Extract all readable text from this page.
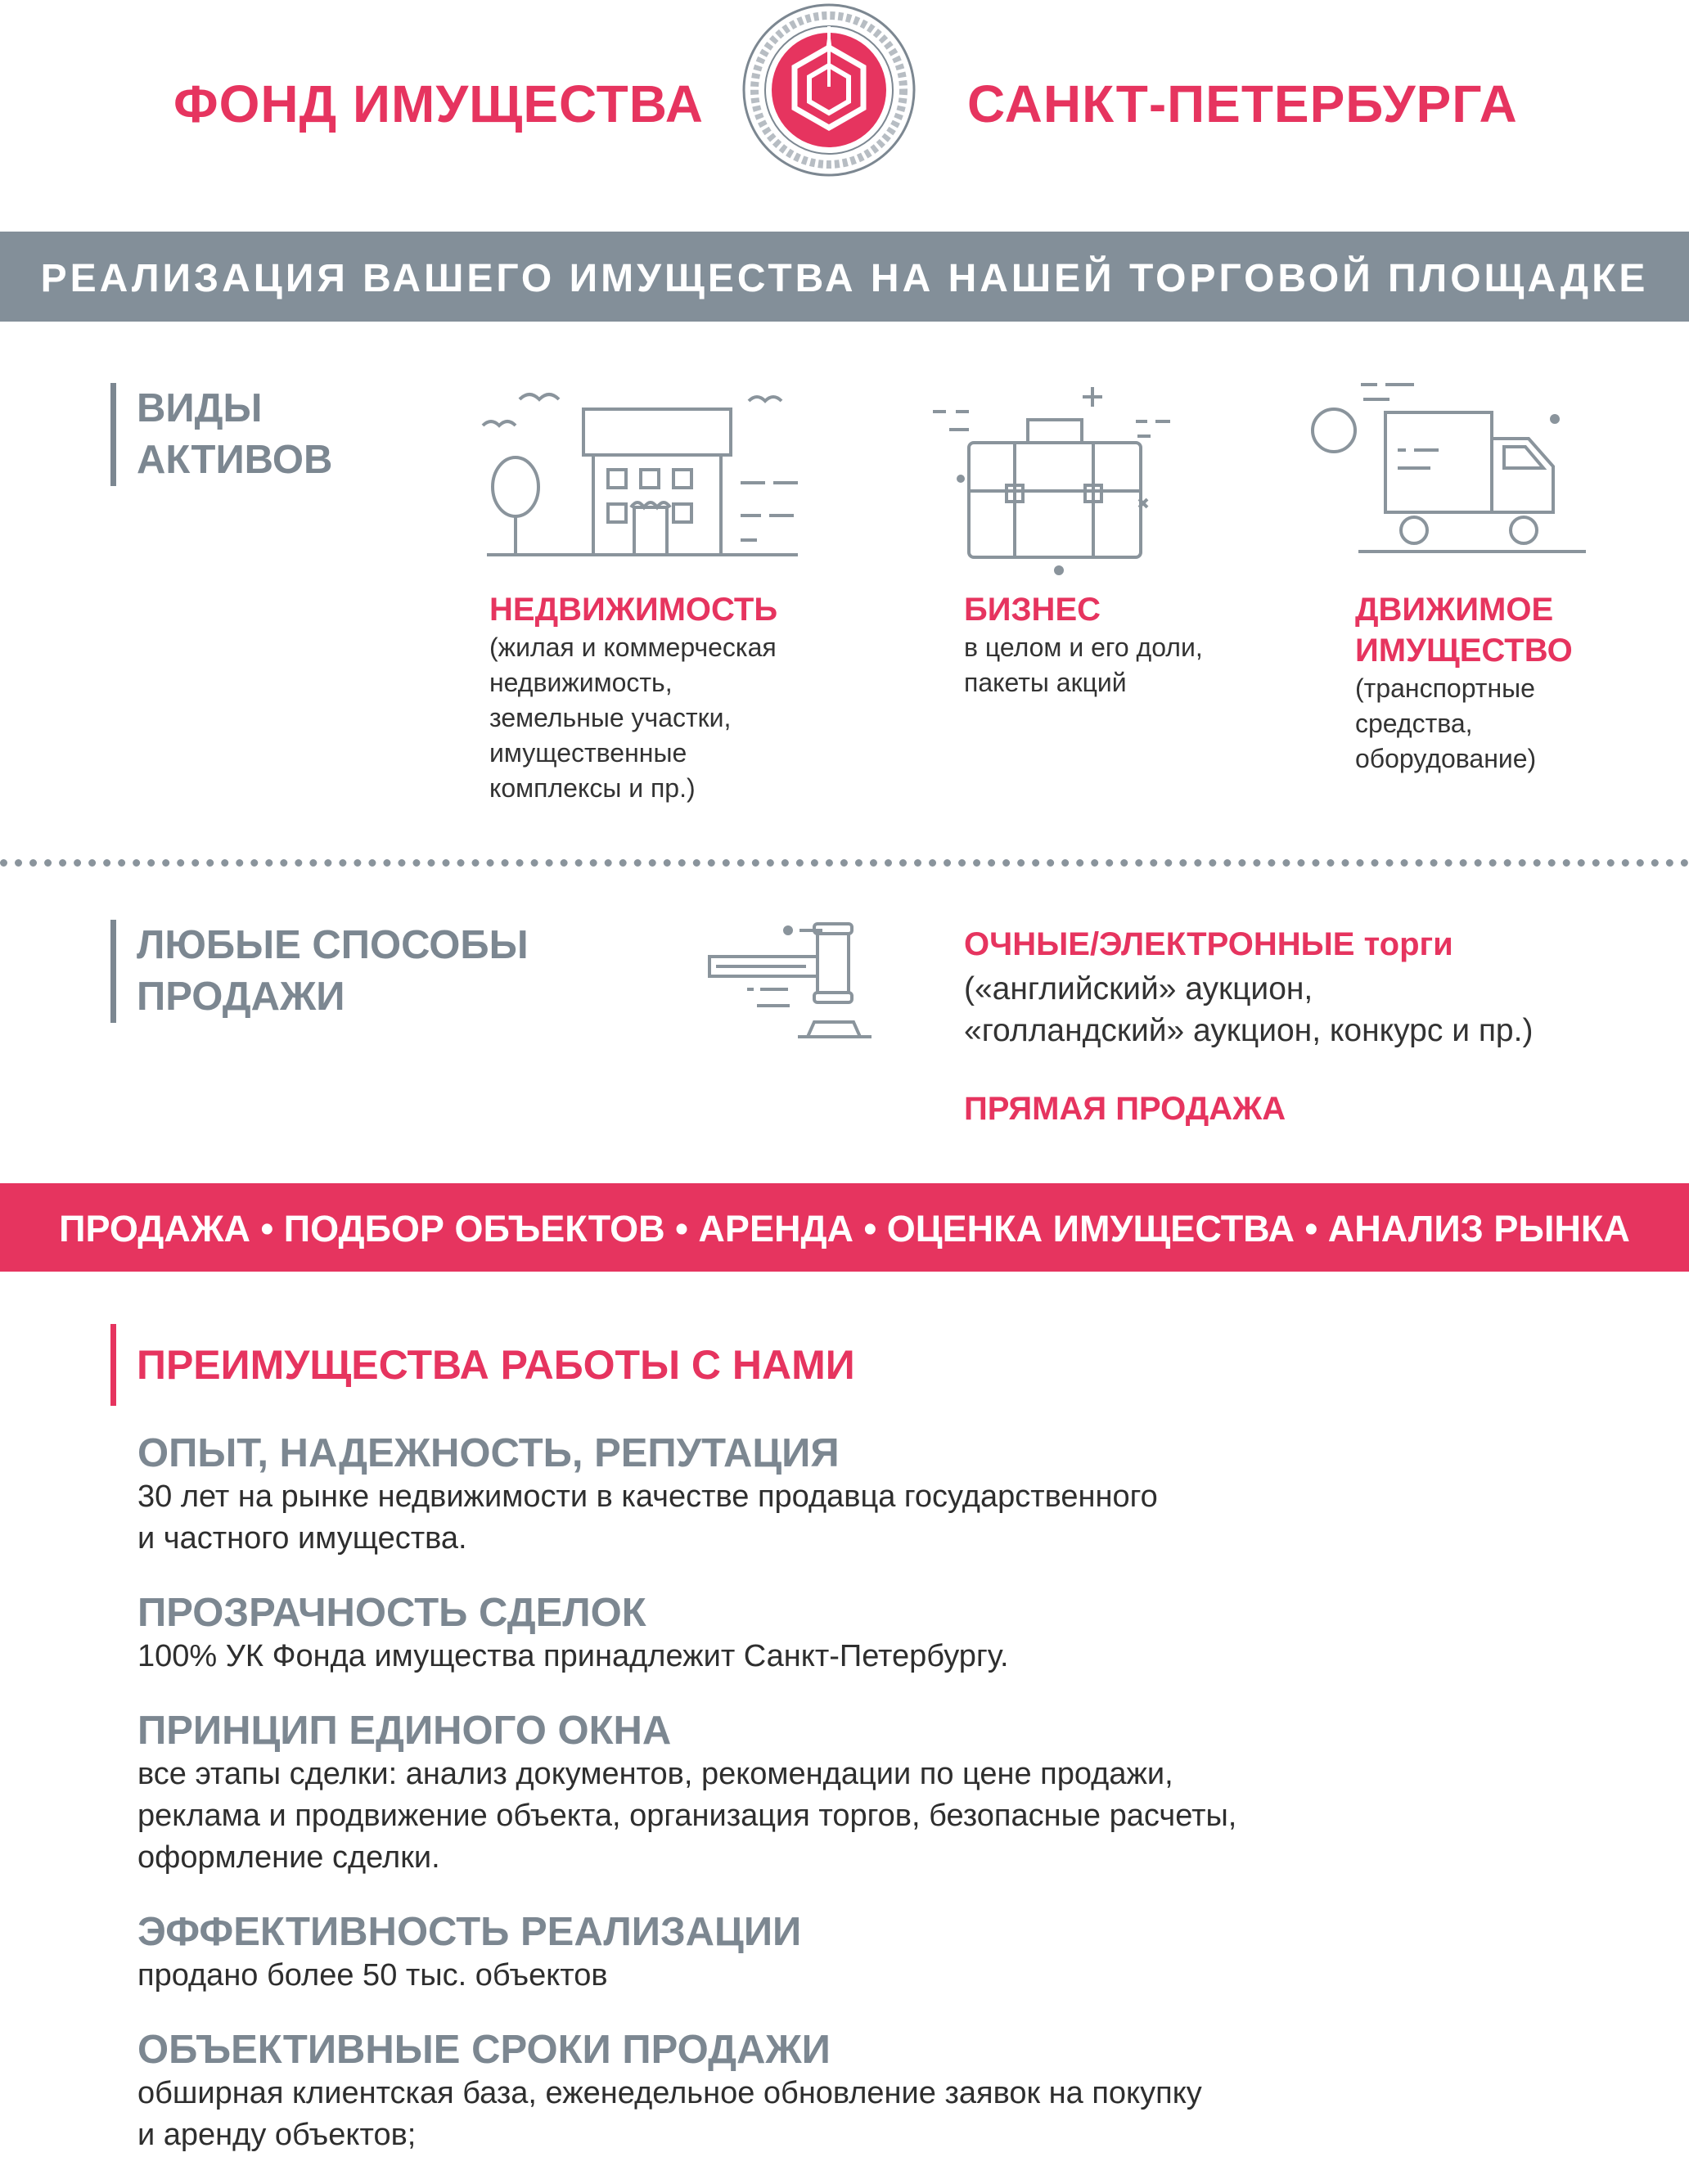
ФОНД ИМУЩЕСТВА	САНКТ-ПЕТЕРБУРГА
РЕАЛИЗАЦИЯ ВАШЕГО ИМУЩЕСТВА НА НАШЕЙ ТОРГОВОЙ ПЛОЩАДКЕ
ВИДЫ
АКТИВОВ
НЕДВИЖИМОСТЬ
(жилая и коммерческая
недвижимость,
земельные участки,
имущественные
комплексы и пр.)
БИЗНЕС
в целом и его доли,
пакеты акций
ДВИЖИМОЕ
ИМУЩЕСТВО
(транспортные
средства,
оборудование)
ЛЮБЫЕ СПОСОБЫ
ПРОДАЖИ
ОЧНЫЕ/ЭЛЕКТРОННЫЕ торги
(«английский» аукцион,
«голландский» аукцион, конкурс и пр.)
ПРЯМАЯ ПРОДАЖА
ПРОДАЖА • ПОДБОР ОБЪЕКТОВ • АРЕНДА • ОЦЕНКА ИМУЩЕСТВА • АНАЛИЗ РЫНКА
ПРЕИМУЩЕСТВА РАБОТЫ С НАМИ
ОПЫТ, НАДЕЖНОСТЬ, РЕПУТАЦИЯ
30 лет на рынке недвижимости в качестве продавца государственного
и частного имущества.
ПРОЗРАЧНОСТЬ СДЕЛОК
100% УК Фонда имущества принадлежит Санкт-Петербургу.
ПРИНЦИП ЕДИНОГО ОКНА
все этапы сделки: анализ документов, рекомендации по цене продажи,
реклама и продвижение объекта, организация торгов, безопасные расчеты,
оформление сделки.
ЭФФЕКТИВНОСТЬ РЕАЛИЗАЦИИ
продано более 50 тыс. объектов
ОБЪЕКТИВНЫЕ СРОКИ ПРОДАЖИ
обширная клиентская база, еженедельное обновление заявок на покупку
и аренду объектов;
